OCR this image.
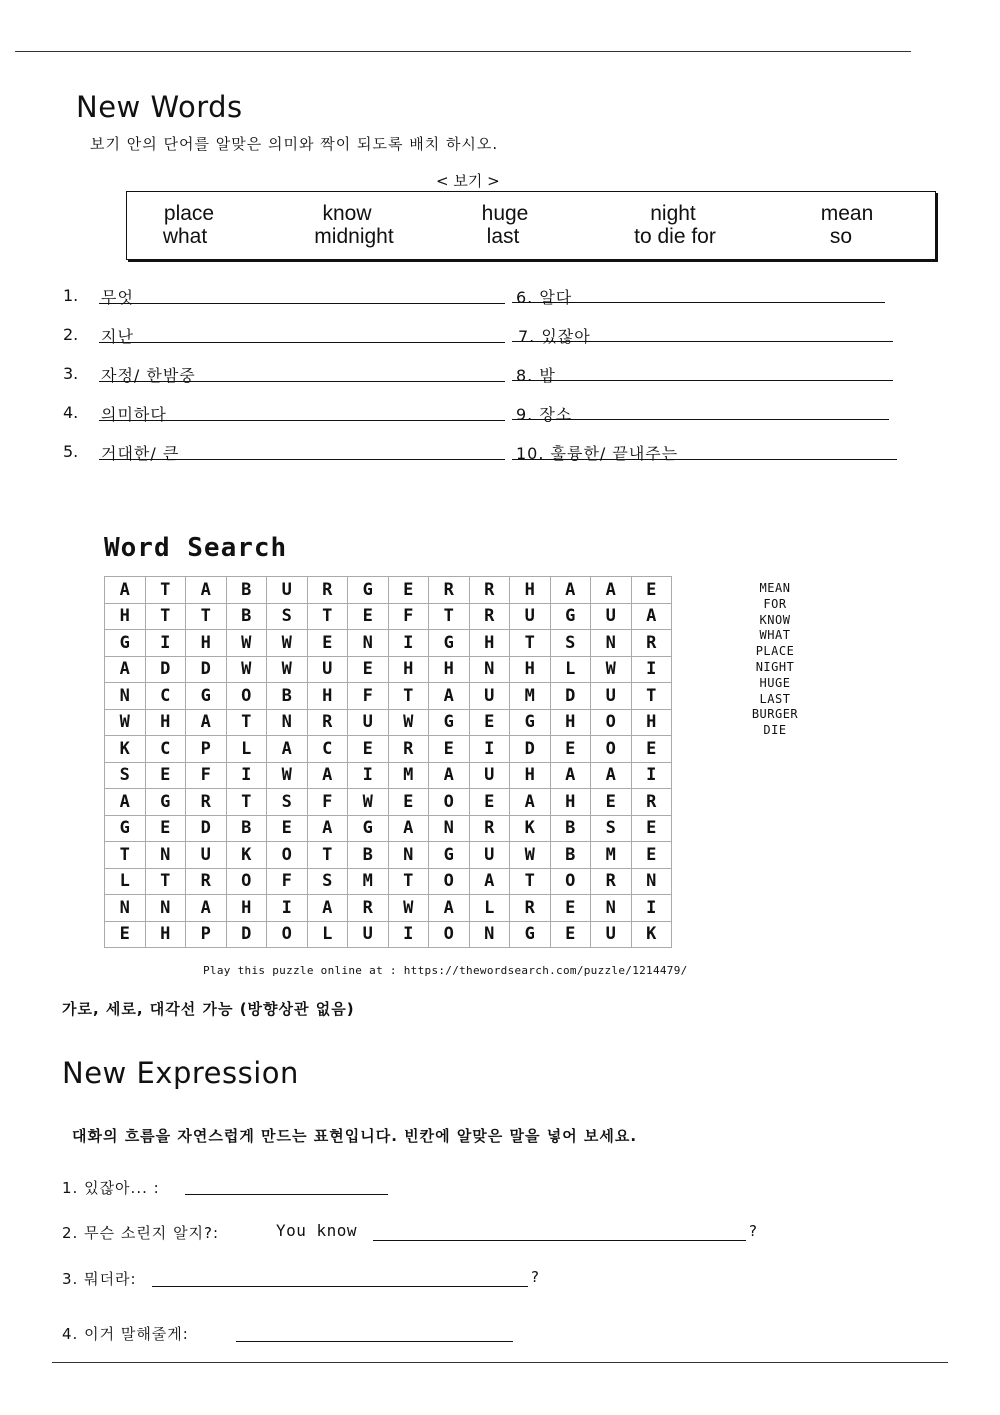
New Words
보기 안의 단어를 알맞은 의미와 짝이 되도록 배치 하시오.
< 보기 >
place	know	huge	night	mean
what	midnight	last	to die for	so
1. 무엇
2. 지난
3. 자정/ 한밤중
4. 의미하다
5. 거대한/ 큰
6. 알다
7. 있잖아
8. 밤
9. 장소
10. 훌륭한/ 끝내주는
Word Search
A	T	A	B	U	R	G	E	R	R	H	A	A	E
H	T	T	B	S	T	E	F	T	R	U	G	U	A
G	I	H	W	W	E	N	I	G	H	T	S	N	R
A	D	D	W	W	U	E	H	H	N	H	L	W	I
N	C	G	O	B	H	F	T	A	U	M	D	U	T
W	H	A	T	N	R	U	W	G	E	G	H	O	H
K	C	P	L	A	C	E	R	E	I	D	E	O	E
S	E	F	I	W	A	I	M	A	U	H	A	A	I
A	G	R	T	S	F	W	E	O	E	A	H	E	R
G	E	D	B	E	A	G	A	N	R	K	B	S	E
T	N	U	K	O	T	B	N	G	U	W	B	M	E
L	T	R	O	F	S	M	T	O	A	T	O	R	N
N	N	A	H	I	A	R	W	A	L	R	E	N	I
E	H	P	D	O	L	U	I	O	N	G	E	U	K
MEAN
FOR
KNOW
WHAT
PLACE
NIGHT
HUGE
LAST
BURGER
DIE
Play this puzzle online at : https://thewordsearch.com/puzzle/1214479/
가로, 세로, 대각선 가능 (방향상관 없음)
New Expression
대화의 흐름을 자연스럽게 만드는 표현입니다. 빈칸에 알맞은 말을 넣어 보세요.
1. 있잖아... :
2. 무슨 소린지 알지?:	You know	?
3. 뭐더라:	?
4. 이거 말해줄게:
